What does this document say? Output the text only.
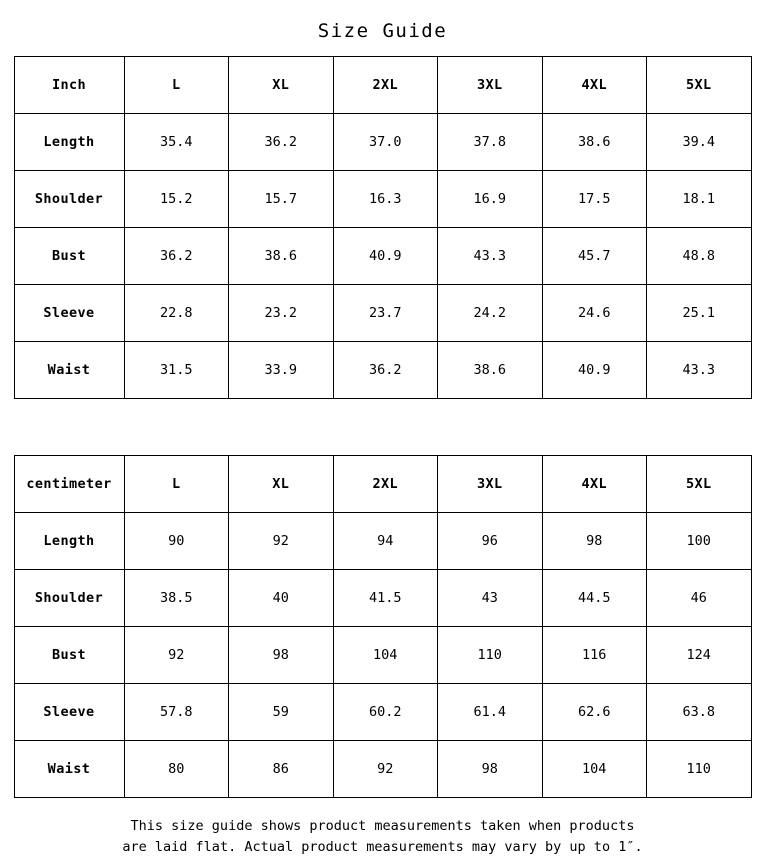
Size Guide
Inch	L	XL	2XL	3XL	4XL	5XL
Length	35.4	36.2	37.0	37.8	38.6	39.4
Shoulder	15.2	15.7	16.3	16.9	17.5	18.1
Bust	36.2	38.6	40.9	43.3	45.7	48.8
Sleeve	22.8	23.2	23.7	24.2	24.6	25.1
Waist	31.5	33.9	36.2	38.6	40.9	43.3
centimeter	L	XL	2XL	3XL	4XL	5XL
Length	90	92	94	96	98	100
Shoulder	38.5	40	41.5	43	44.5	46
Bust	92	98	104	110	116	124
Sleeve	57.8	59	60.2	61.4	62.6	63.8
Waist	80	86	92	98	104	110
This size guide shows product measurements taken when products
are laid flat. Actual product measurements may vary by up to 1″.
